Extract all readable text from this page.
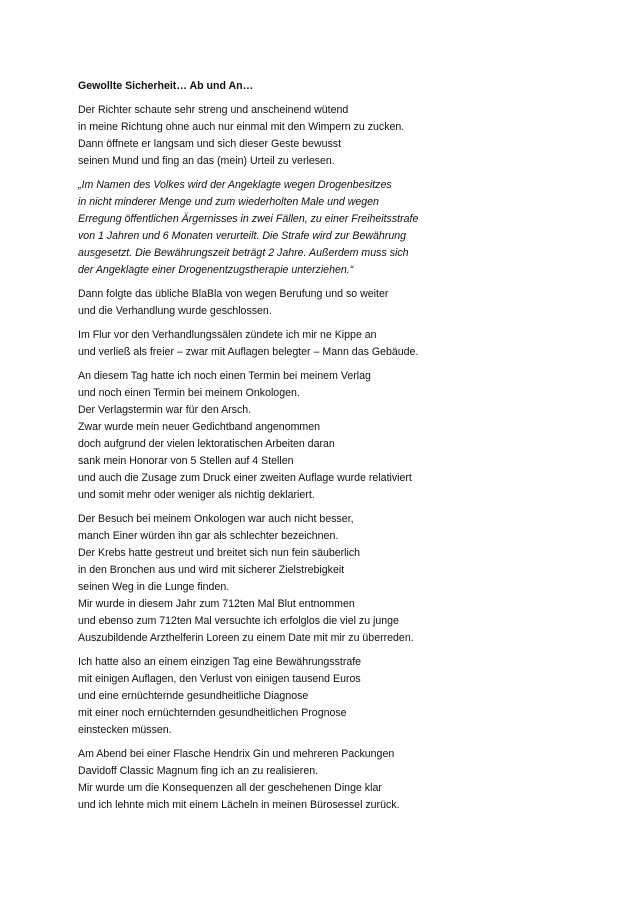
Gewollte Sicherheit… Ab und An…
Der Richter schaute sehr streng und anscheinend wütend
in meine Richtung ohne auch nur einmal mit den Wimpern zu zucken.
Dann öffnete er langsam und sich dieser Geste bewusst
seinen Mund und fing an das (mein) Urteil zu verlesen.
„Im Namen des Volkes wird der Angeklagte wegen Drogenbesitzes
in nicht minderer Menge und zum wiederholten Male und wegen
Erregung öffentlichen Ärgernisses in zwei Fällen, zu einer Freiheitsstrafe
von 1 Jahren und 6 Monaten verurteilt. Die Strafe wird zur Bewährung
ausgesetzt. Die Bewährungszeit beträgt 2 Jahre. Außerdem muss sich
der Angeklagte einer Drogenentzugstherapie unterziehen.“
Dann folgte das übliche BlaBla von wegen Berufung und so weiter
und die Verhandlung wurde geschlossen.
Im Flur vor den Verhandlungssälen zündete ich mir ne Kippe an
und verließ als freier – zwar mit Auflagen belegter – Mann das Gebäude.
An diesem Tag hatte ich noch einen Termin bei meinem Verlag
und noch einen Termin bei meinem Onkologen.
Der Verlagstermin war für den Arsch.
Zwar wurde mein neuer Gedichtband angenommen
doch aufgrund der vielen lektoratischen Arbeiten daran
sank mein Honorar von 5 Stellen auf 4 Stellen
und auch die Zusage zum Druck einer zweiten Auflage wurde relativiert
und somit mehr oder weniger als nichtig deklariert.
Der Besuch bei meinem Onkologen war auch nicht besser,
manch Einer würden ihn gar als schlechter bezeichnen.
Der Krebs hatte gestreut und breitet sich nun fein säuberlich
in den Bronchen aus und wird mit sicherer Zielstrebigkeit
seinen Weg in die Lunge finden.
Mir wurde in diesem Jahr zum 712ten Mal Blut entnommen
und ebenso zum 712ten Mal versuchte ich erfolglos die viel zu junge
Auszubildende Arzthelferin Loreen zu einem Date mit mir zu überreden.
Ich hatte also an einem einzigen Tag eine Bewährungsstrafe
mit einigen Auflagen, den Verlust von einigen tausend Euros
und eine ernüchternde gesundheitliche Diagnose
mit einer noch ernüchternden gesundheitlichen Prognose
einstecken müssen.
Am Abend bei einer Flasche Hendrix Gin und mehreren Packungen
Davidoff Classic Magnum fing ich an zu realisieren.
Mir wurde um die Konsequenzen all der geschehenen Dinge klar
und ich lehnte mich mit einem Lächeln in meinen Bürosessel zurück.
